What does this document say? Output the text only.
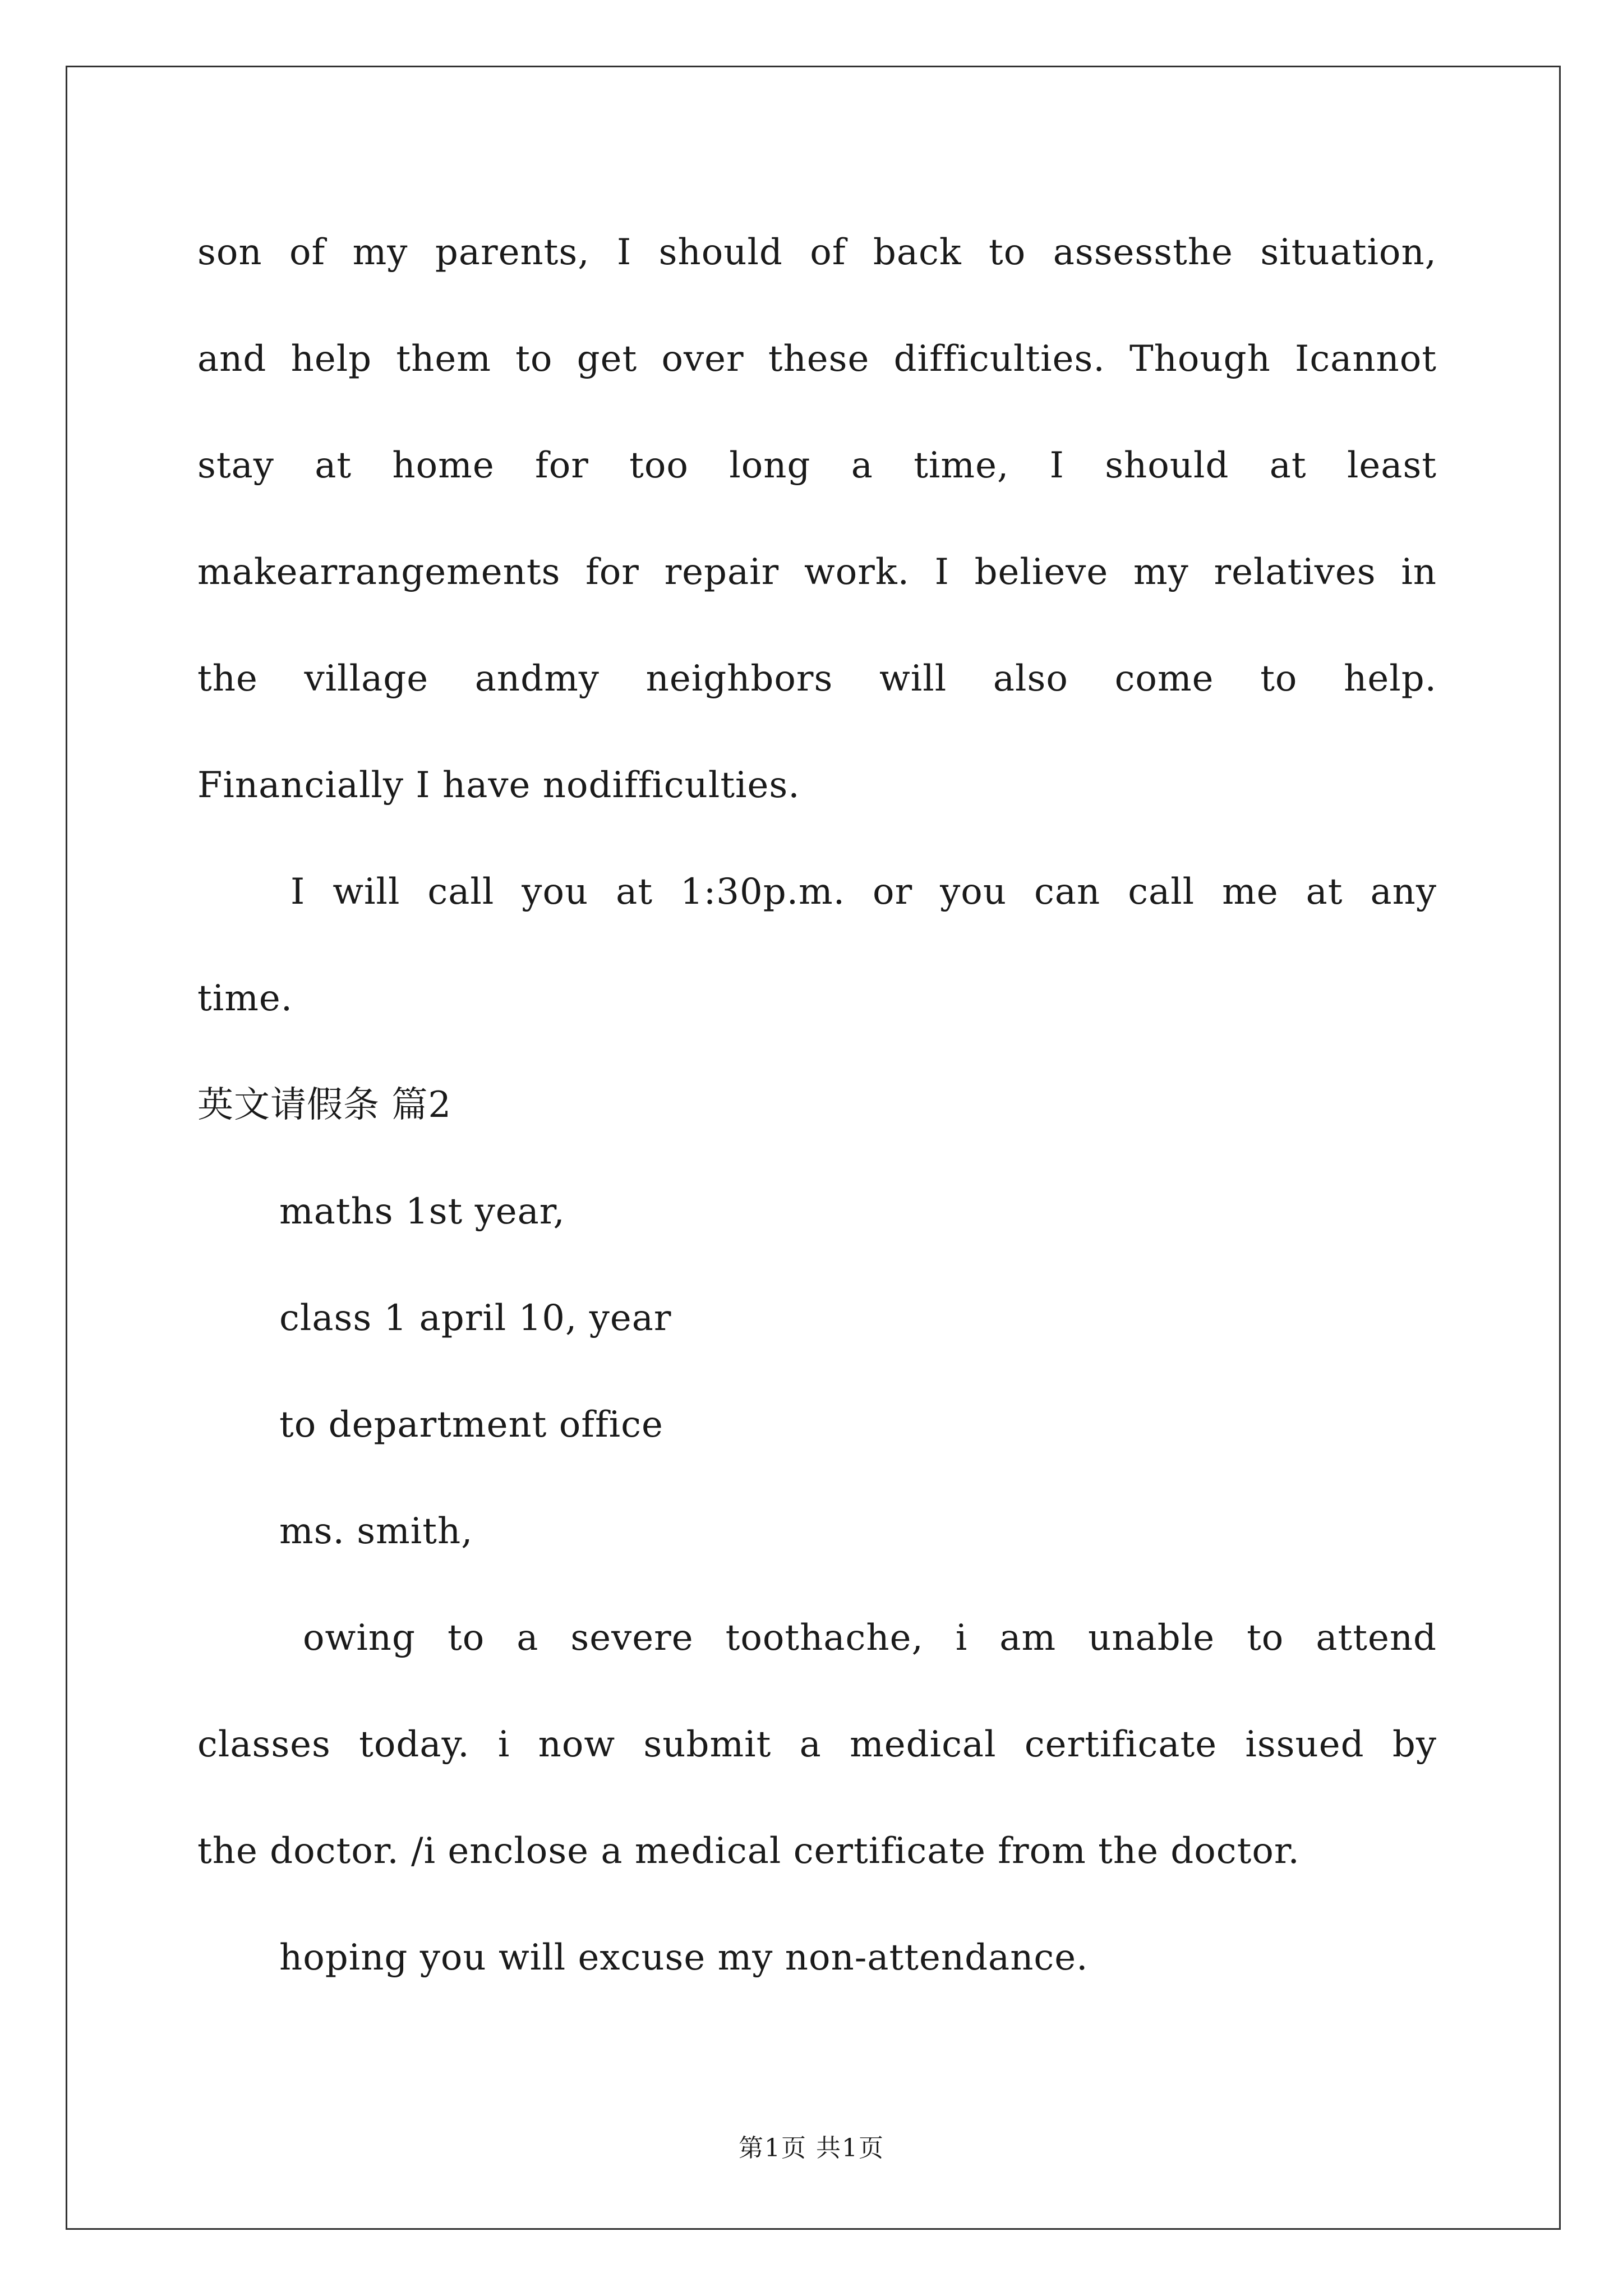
son of my parents, I should of back to assessthe situation,
and help them to get over these difficulties. Though Icannot
stay at home for too long a time, I should at least
makearrangements for repair work. I believe my relatives in
the village andmy neighbors will also come to help.
Financially I have nodifficulties.
I will call you at 1:30p.m. or you can call me at any
time.
英文请假条 篇2
maths 1st year,
class 1 april 10, year
to department office
ms. smith,
owing to a severe toothache, i am unable to attend
classes today. i now submit a medical certificate issued by
the doctor. /i enclose a medical certificate from the doctor.
hoping you will excuse my non-attendance.
第1页 共1页
